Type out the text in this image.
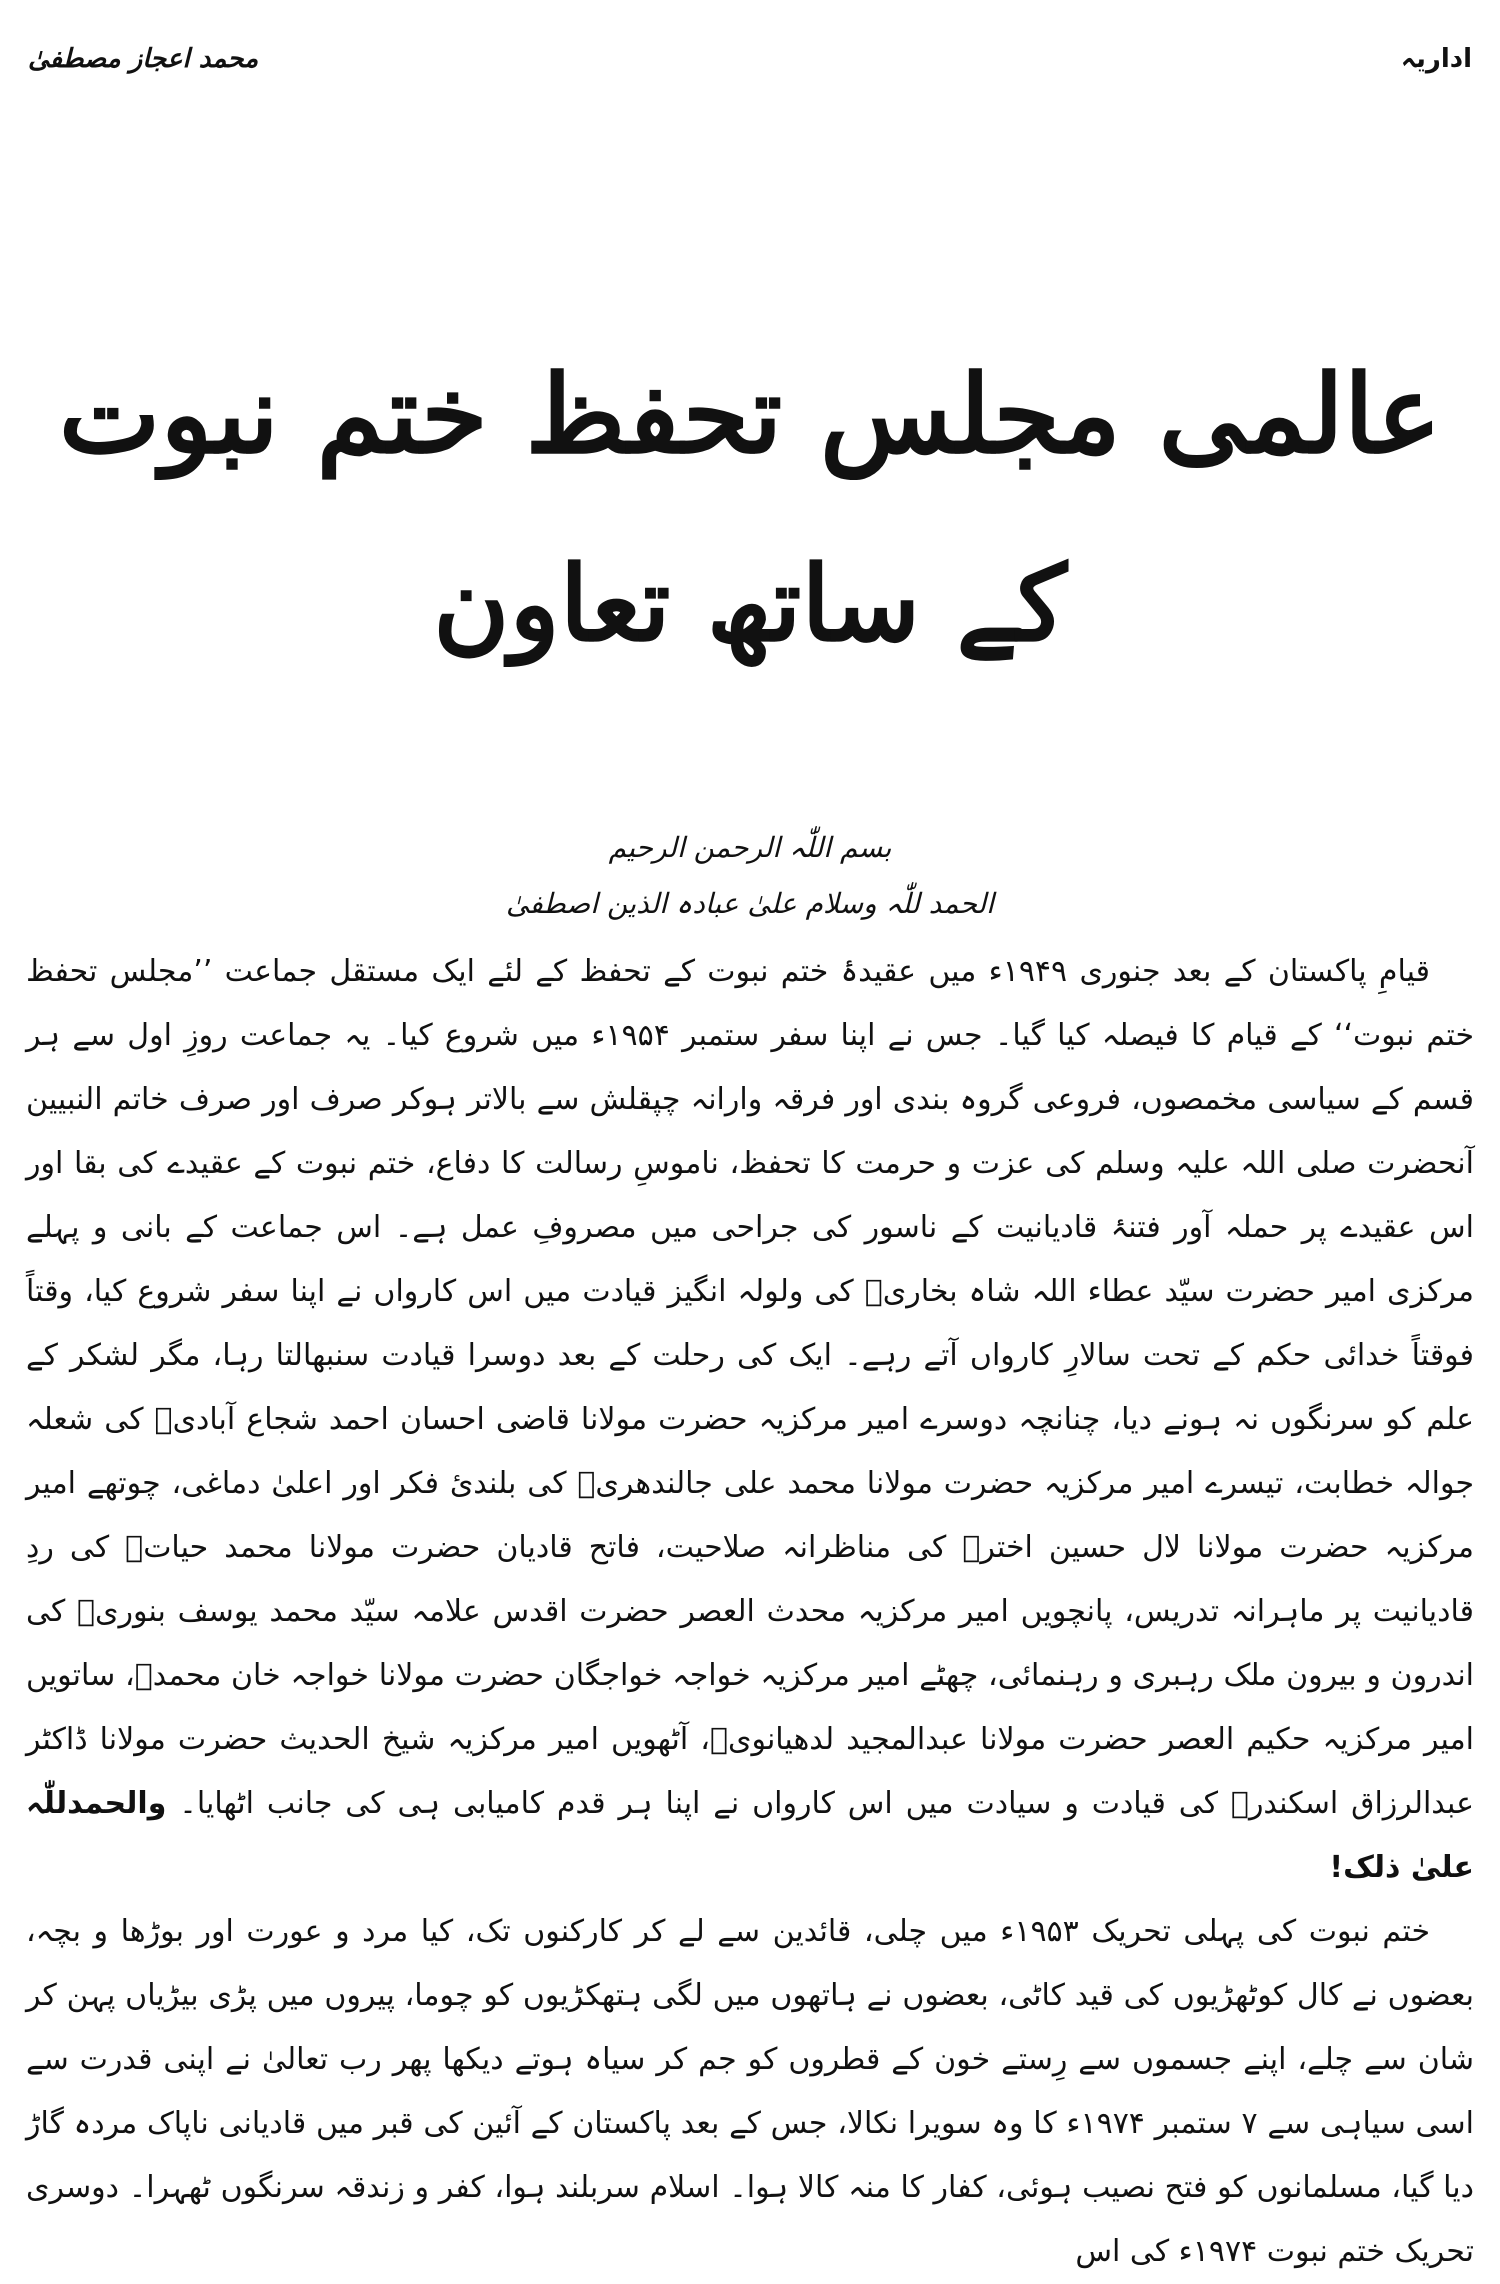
اداریہ
محمد اعجاز مصطفیٰ
عالمی مجلس تحفظ ختم نبوت
کے ساتھ تعاون
بسم اللّٰہ الرحمن الرحیم
الحمد للّٰہ وسلام علیٰ عبادہ الذین اصطفیٰ

قیامِ پاکستان کے بعد جنوری ۱۹۴۹ء میں عقیدۂ ختم نبوت کے تحفظ کے لئے ایک مستقل جماعت ’’مجلس تحفظ ختم نبوت‘‘ کے قیام کا فیصلہ کیا گیا۔ جس نے اپنا سفر ستمبر ۱۹۵۴ء میں شروع کیا۔ یہ جماعت روزِ اول سے ہر قسم کے سیاسی مخمصوں، فروعی گروہ بندی اور فرقہ وارانہ چپقلش سے بالاتر ہوکر صرف اور صرف خاتم النبیین آنحضرت صلی اللہ علیہ وسلم کی عزت و حرمت کا تحفظ، ناموسِ رسالت کا دفاع، ختم نبوت کے عقیدے کی بقا اور اس عقیدے پر حملہ آور فتنۂ قادیانیت کے ناسور کی جراحی میں مصروفِ عمل ہے۔ اس جماعت کے بانی و پہلے مرکزی امیر حضرت سیّد عطاء اللہ شاہ بخاریؒ کی ولولہ انگیز قیادت میں اس کارواں نے اپنا سفر شروع کیا، وقتاً فوقتاً خدائی حکم کے تحت سالارِ کارواں آتے رہے۔ ایک کی رحلت کے بعد دوسرا قیادت سنبھالتا رہا، مگر لشکر کے علم کو سرنگوں نہ ہونے دیا، چنانچہ دوسرے امیر مرکزیہ حضرت مولانا قاضی احسان احمد شجاع آبادیؒ کی شعلہ جوالہ خطابت، تیسرے امیر مرکزیہ حضرت مولانا محمد علی جالندھریؒ کی بلندیٔ فکر اور اعلیٰ دماغی، چوتھے امیر مرکزیہ حضرت مولانا لال حسین اخترؒ کی مناظرانہ صلاحیت، فاتح قادیان حضرت مولانا محمد حیاتؒ کی ردِ قادیانیت پر ماہرانہ تدریس، پانچویں امیر مرکزیہ محدث العصر حضرت اقدس علامہ سیّد محمد یوسف بنوریؒ کی اندرون و بیرون ملک رہبری و رہنمائی، چھٹے امیر مرکزیہ خواجہ خواجگان حضرت مولانا خواجہ خان محمدؒ، ساتویں امیر مرکزیہ حکیم العصر حضرت مولانا عبدالمجید لدھیانویؒ، آٹھویں امیر مرکزیہ شیخ الحدیث حضرت مولانا ڈاکٹر عبدالرزاق اسکندرؒ کی قیادت و سیادت میں اس کارواں نے اپنا ہر قدم کامیابی ہی کی جانب اٹھایا۔ والحمدللّٰہ علیٰ ذلک!

ختم نبوت کی پہلی تحریک ۱۹۵۳ء میں چلی، قائدین سے لے کر کارکنوں تک، کیا مرد و عورت اور بوڑھا و بچہ، بعضوں نے کال کوٹھڑیوں کی قید کاٹی، بعضوں نے ہاتھوں میں لگی ہتھکڑیوں کو چوما، پیروں میں پڑی بیڑیاں پہن کر شان سے چلے، اپنے جسموں سے رِستے خون کے قطروں کو جم کر سیاہ ہوتے دیکھا پھر رب تعالیٰ نے اپنی قدرت سے اسی سیاہی سے ۷ ستمبر ۱۹۷۴ء کا وہ سویرا نکالا، جس کے بعد پاکستان کے آئین کی قبر میں قادیانی ناپاک مردہ گاڑ دیا گیا، مسلمانوں کو فتح نصیب ہوئی، کفار کا منہ کالا ہوا۔ اسلام سربلند ہوا، کفر و زندقہ سرنگوں ٹھہرا۔ دوسری تحریک ختم نبوت ۱۹۷۴ء کی اس
